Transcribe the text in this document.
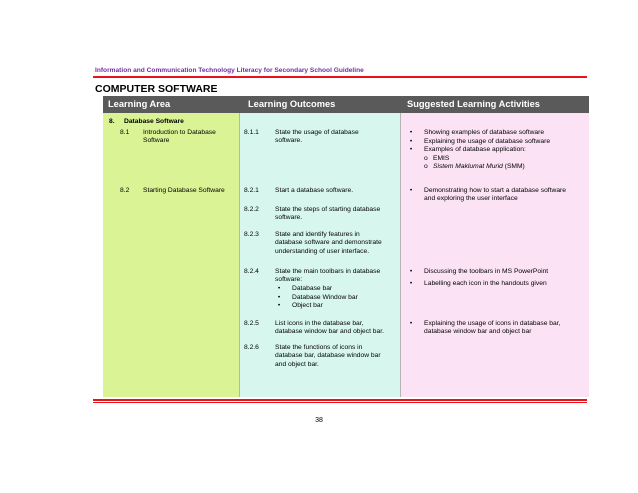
Information and Communication Technology Literacy for Secondary School Guideline
COMPUTER SOFTWARE
Learning Area	Learning Outcomes	Suggested Learning Activities
8. Database Software
8.1 Introduction to Database
Software
8.2 Starting Database Software
8.1.1 State the usage of database
software.
8.2.1 Start a database software.
8.2.2 State the steps of starting database
software.
8.2.3 State and identify features in
database software and demonstrate
understanding of user interface.
8.2.4 State the main toolbars in database
software:
• Database bar
• Database Window bar
• Object bar
8.2.5 List icons in the database bar,
database window bar and object bar.
8.2.6 State the functions of icons in
database bar, database window bar
and object bar.
• Showing examples of database software
• Explaining the usage of database software
• Examples of database application:
o EMIS
o Sistem Maklumat Murid (SMM)
• Demonstrating how to start a database software
and exploring the user interface
• Discussing the toolbars in MS PowerPoint
• Labelling each icon in the handouts given
• Explaining the usage of icons in database bar,
database window bar and object bar
38
